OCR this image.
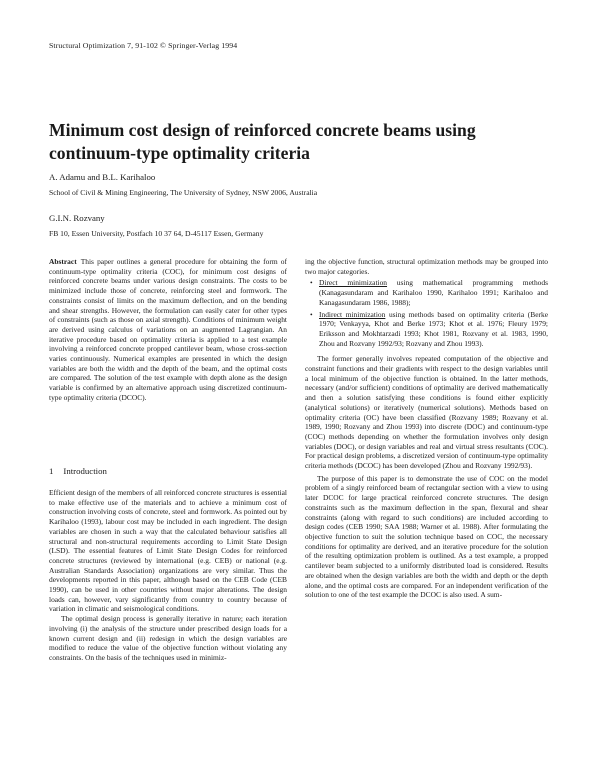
Structural Optimization 7, 91-102 © Springer-Verlag 1994
Minimum cost design of reinforced concrete beams using continuum-type optimality criteria
A. Adamu and B.L. Karihaloo
School of Civil & Mining Engineering, The University of Sydney, NSW 2006, Australia
G.I.N. Rozvany
FB 10, Essen University, Postfach 10 37 64, D-45117 Essen, Germany

Abstract This paper outlines a general procedure for obtaining the form of continuum-type optimality criteria (COC), for minimum cost designs of reinforced concrete beams under various design constraints. The costs to be minimized include those of concrete, reinforcing steel and formwork. The constraints consist of limits on the maximum deflection, and on the bending and shear strengths. However, the formulation can easily cater for other types of constraints (such as those on axial strength). Conditions of minimum weight are derived using calculus of variations on an augmented Lagrangian. An iterative procedure based on optimality criteria is applied to a test example involving a reinforced concrete propped cantilever beam, whose cross-section varies continuously. Numerical examples are presented in which the design variables are both the width and the depth of the beam, and the optimal costs are compared. The solution of the test example with depth alone as the design variable is confirmed by an alternative approach using discretized continuum-type optimality criteria (DCOC).

1 Introduction

Efficient design of the members of all reinforced concrete structures is essential to make effective use of the materials and to achieve a minimum cost of construction involving costs of concrete, steel and formwork. As pointed out by Karihaloo (1993), labour cost may be included in each ingredient. The design variables are chosen in such a way that the calculated behaviour satisfies all structural and non-structural requirements according to Limit State Design (LSD). The essential features of Limit State Design Codes for reinforced concrete structures (reviewed by international (e.g. CEB) or national (e.g. Australian Standards Association) organizations are very similar. Thus the developments reported in this paper, although based on the CEB Code (CEB 1990), can be used in other countries without major alterations. The design loads can, however, vary significantly from country to country because of variation in climatic and seismological conditions.

The optimal design process is generally iterative in nature; each iteration involving (i) the analysis of the structure under prescribed design loads for a known current design and (ii) redesign in which the design variables are modified to reduce the value of the objective function without violating any constraints. On the basis of the techniques used in minimiz-

ing the objective function, structural optimization methods may be grouped into two major categories.

• Direct minimization using mathematical programming methods (Kanagasundaram and Karihaloo 1990, Karihaloo 1991; Karihaloo and Kanagasundaram 1986, 1988);
• Indirect minimization using methods based on optimality criteria (Berke 1970; Venkayya, Khot and Berke 1973; Khot et al. 1976; Fleury 1979; Eriksson and Mokhtarzadi 1993; Khot 1981, Rozvany et al. 1983, 1990, Zhou and Rozvany 1992/93; Rozvany and Zhou 1993).

The former generally involves repeated computation of the objective and constraint functions and their gradients with respect to the design variables until a local minimum of the objective function is obtained. In the latter methods, necessary (and/or sufficient) conditions of optimality are derived mathematically and then a solution satisfying these conditions is found either explicitly (analytical solutions) or iteratively (numerical solutions). Methods based on optimality criteria (OC) have been classified (Rozvany 1989; Rozvany et al. 1989, 1990; Rozvany and Zhou 1993) into discrete (DOC) and continuum-type (COC) methods depending on whether the formulation involves only design variables (DOC), or design variables and real and virtual stress resultants (COC). For practical design problems, a discretized version of continuum-type optimality criteria methods (DCOC) has been developed (Zhou and Rozvany 1992/93).

The purpose of this paper is to demonstrate the use of COC on the model problem of a singly reinforced beam of rectangular section with a view to using later DCOC for large practical reinforced concrete structures. The design constraints such as the maximum deflection in the span, flexural and shear constraints (along with regard to such conditions) are included according to design codes (CEB 1990; SAA 1988; Warner et al. 1988). After formulating the objective function to suit the solution technique based on COC, the necessary conditions for optimality are derived, and an iterative procedure for the solution of the resulting optimization problem is outlined. As a test example, a propped cantilever beam subjected to a uniformly distributed load is considered. Results are obtained when the design variables are both the width and depth or the depth alone, and the optimal costs are compared. For an independent verification of the solution to one of the test example the DCOC is also used. A sum-
